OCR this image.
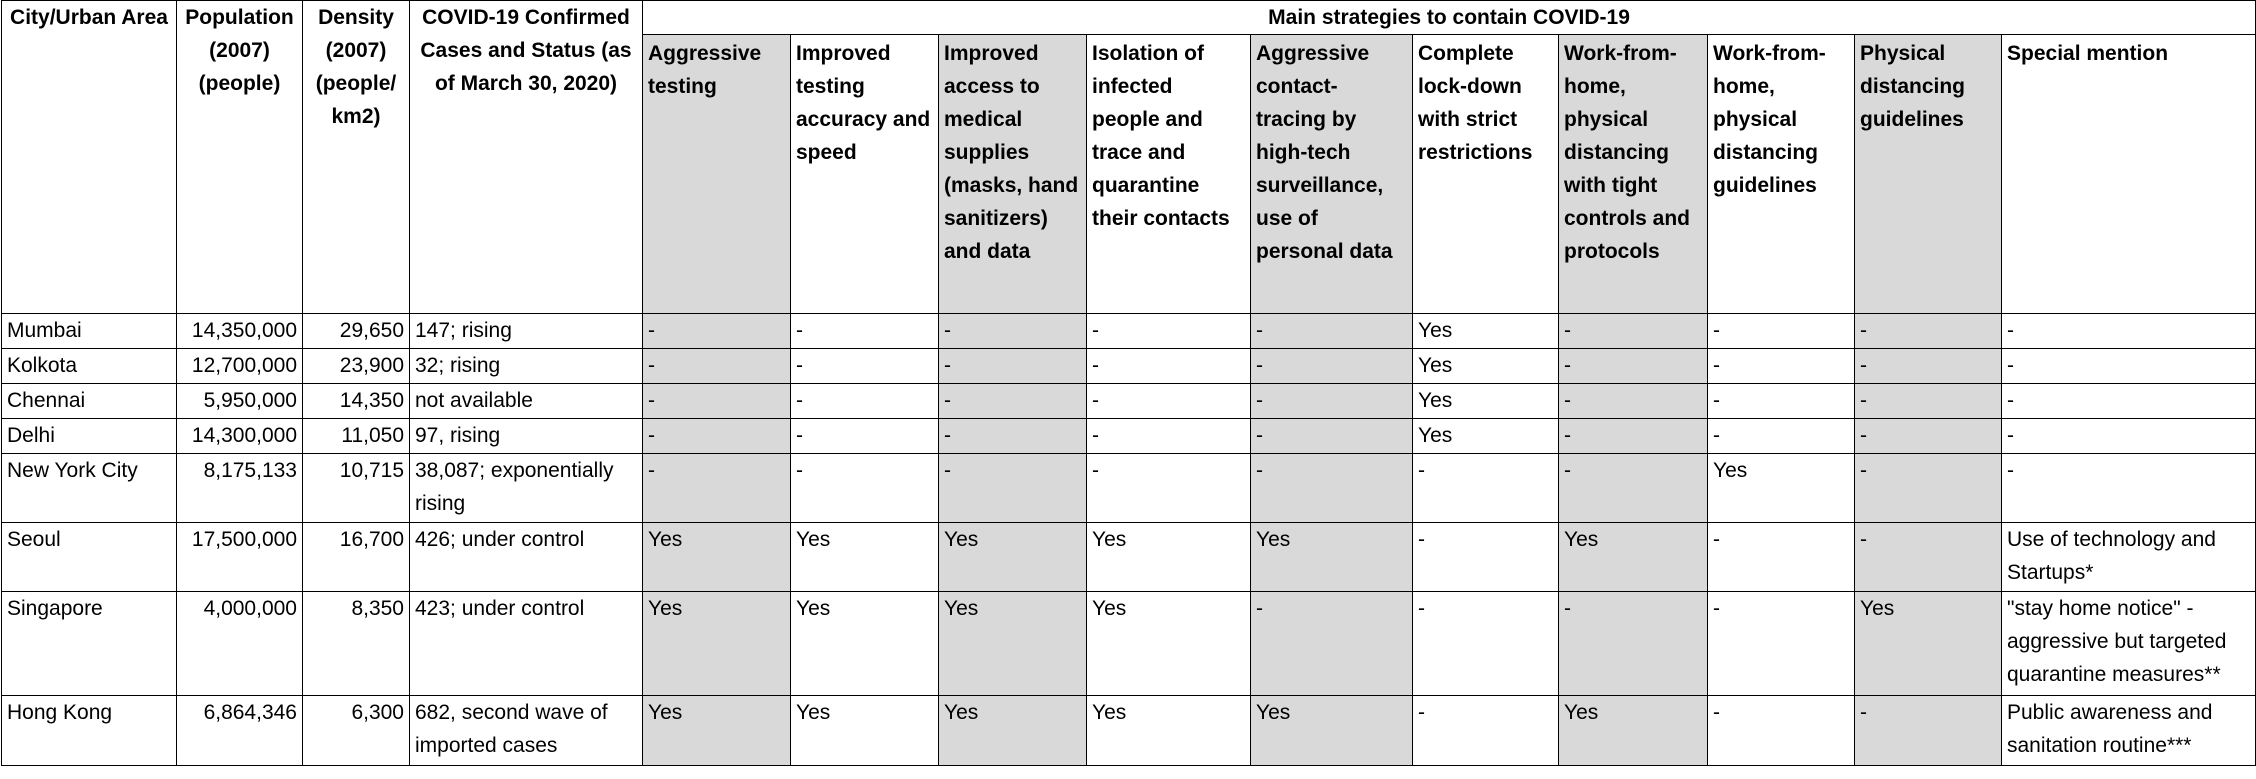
City/Urban Area	Population (2007) (people)	Density (2007) (people/ km2)	COVID-19 Confirmed Cases and Status (as of March 30, 2020)	Main strategies to contain COVID-19									
				Aggressive testing	Improved testing accuracy and speed	Improved access to medical supplies (masks, hand sanitizers) and data	Isolation of infected people and trace and quarantine their contacts	Aggressive contact-tracing by high-tech surveillance, use of personal data	Complete lock-down with strict restrictions	Work-from-home, physical distancing with tight controls and protocols	Work-from-home, physical distancing guidelines	Physical distancing guidelines	Special mention
Mumbai	14,350,000	29,650	147; rising	-	-	-	-	-	Yes	-	-	-	-
Kolkota	12,700,000	23,900	32; rising	-	-	-	-	-	Yes	-	-	-	-
Chennai	5,950,000	14,350	not available	-	-	-	-	-	Yes	-	-	-	-
Delhi	14,300,000	11,050	97, rising	-	-	-	-	-	Yes	-	-	-	-
New York City	8,175,133	10,715	38,087; exponentially rising	-	-	-	-	-	-	-	Yes	-	-
Seoul	17,500,000	16,700	426; under control	Yes	Yes	Yes	Yes	Yes	-	Yes	-	-	Use of technology and Startups*
Singapore	4,000,000	8,350	423; under control	Yes	Yes	Yes	Yes	-	-	-	-	Yes	"stay home notice" - aggressive but targeted quarantine measures**
Hong Kong	6,864,346	6,300	682, second wave of imported cases	Yes	Yes	Yes	Yes	Yes	-	Yes	-	-	Public awareness and sanitation routine***
